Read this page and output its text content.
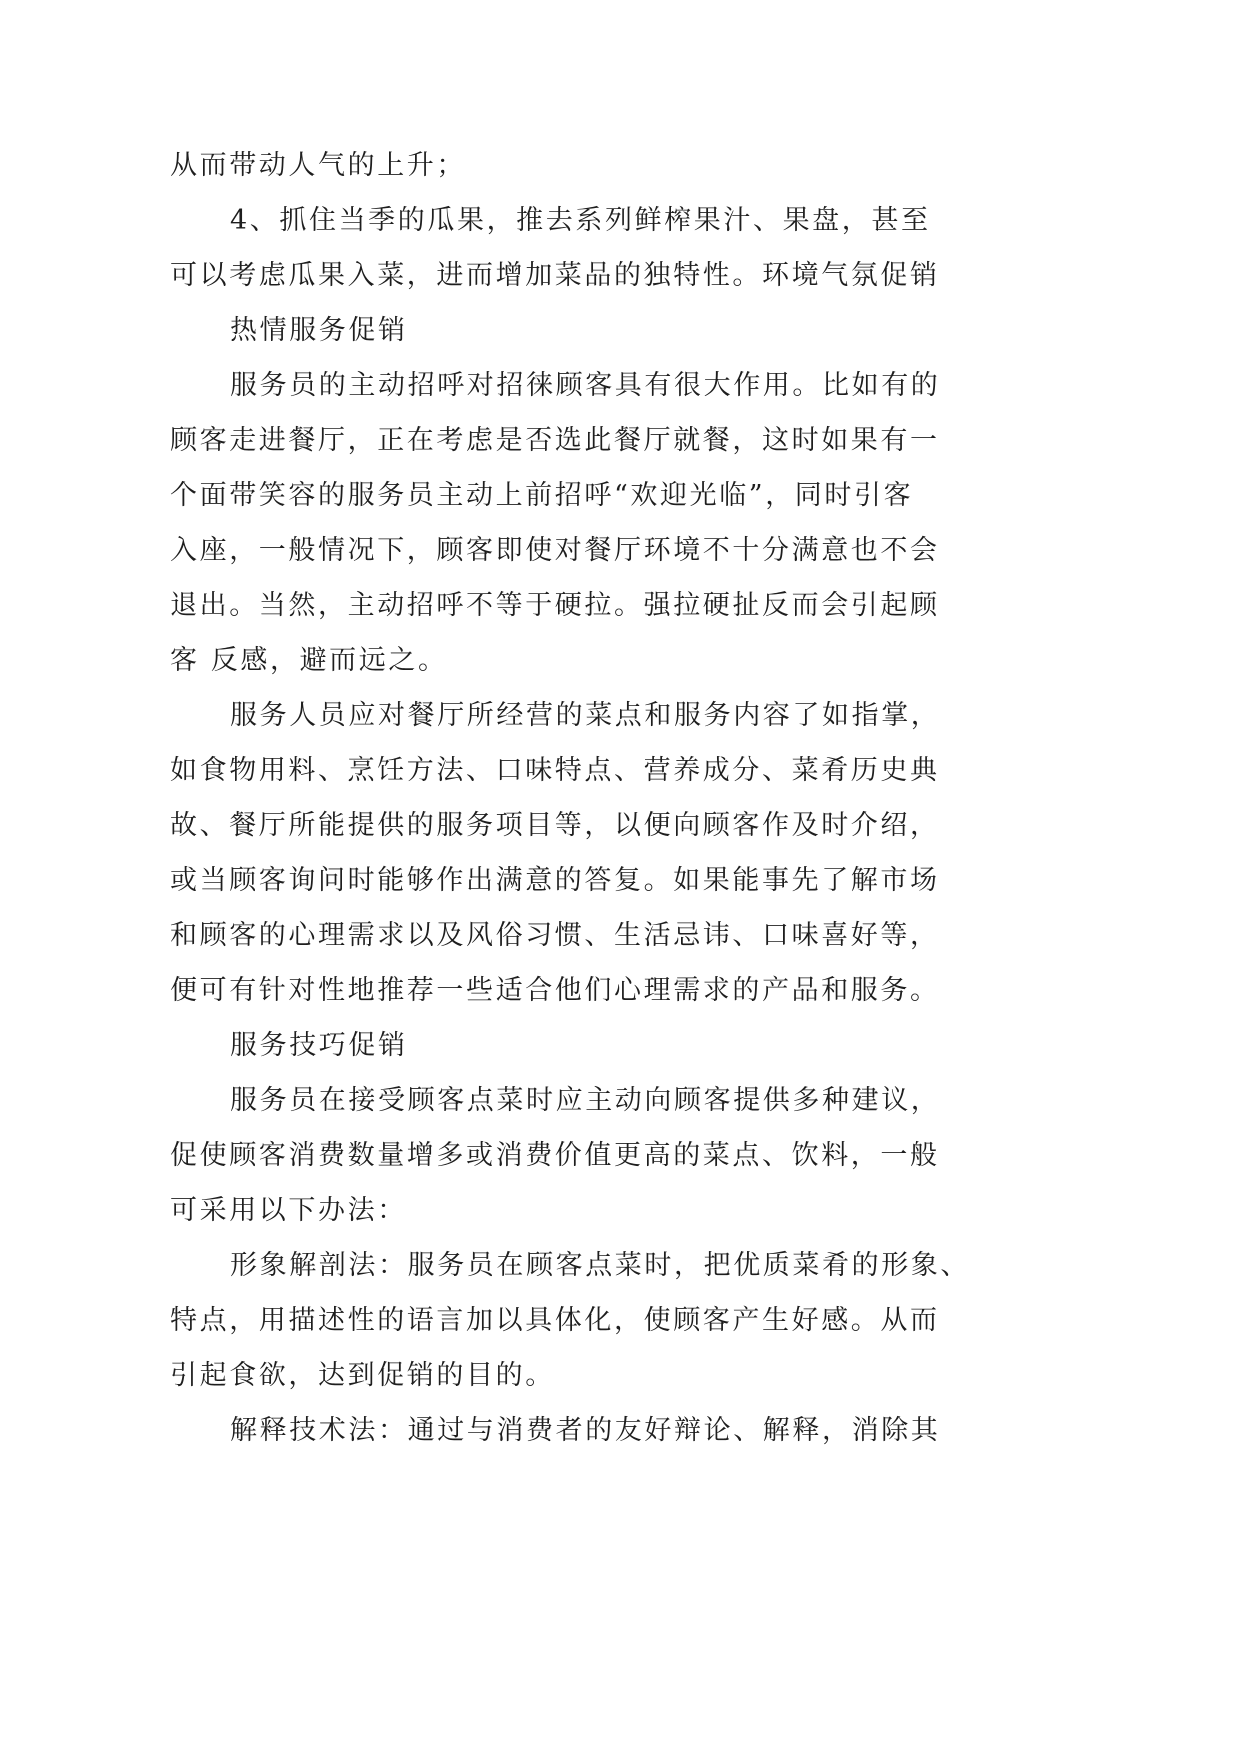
从而带动人气的上升；
4、抓住当季的瓜果，推去系列鲜榨果汁、果盘，甚至
可以考虑瓜果入菜，进而增加菜品的独特性。环境气氛促销
热情服务促销
服务员的主动招呼对招徕顾客具有很大作用。比如有的
顾客走进餐厅，正在考虑是否选此餐厅就餐，这时如果有一
个面带笑容的服务员主动上前招呼“欢迎光临”，同时引客
入座，一般情况下，顾客即使对餐厅环境不十分满意也不会
退出。当然，主动招呼不等于硬拉。强拉硬扯反而会引起顾
客 反感，避而远之。
服务人员应对餐厅所经营的菜点和服务内容了如指掌，
如食物用料、烹饪方法、口味特点、营养成分、菜肴历史典
故、餐厅所能提供的服务项目等，以便向顾客作及时介绍，
或当顾客询问时能够作出满意的答复。如果能事先了解市场
和顾客的心理需求以及风俗习惯、生活忌讳、口味喜好等，
便可有针对性地推荐一些适合他们心理需求的产品和服务。
服务技巧促销
服务员在接受顾客点菜时应主动向顾客提供多种建议，
促使顾客消费数量增多或消费价值更高的菜点、饮料，一般
可采用以下办法：
形象解剖法：服务员在顾客点菜时，把优质菜肴的形象、
特点，用描述性的语言加以具体化，使顾客产生好感。从而
引起食欲，达到促销的目的。
解释技术法：通过与消费者的友好辩论、解释，消除其
